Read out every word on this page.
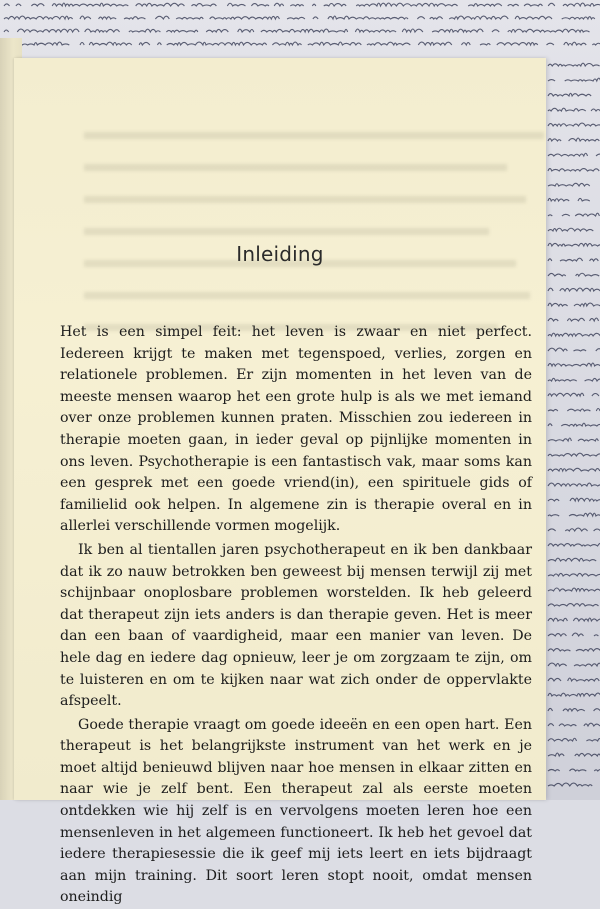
Inleiding

Het is een simpel feit: het leven is zwaar en niet perfect. Iedereen krijgt te maken met tegenspoed, verlies, zorgen en relationele problemen. Er zijn momenten in het leven van de meeste mensen waarop het een grote hulp is als we met iemand over onze problemen kunnen praten. Misschien zou iedereen in therapie moeten gaan, in ieder geval op pijnlijke momenten in ons leven. Psychotherapie is een fantastisch vak, maar soms kan een gesprek met een goede vriend(in), een spirituele gids of familielid ook helpen. In algemene zin is therapie overal en in allerlei verschillende vormen mogelijk.

Ik ben al tientallen jaren psychotherapeut en ik ben dankbaar dat ik zo nauw betrokken ben geweest bij mensen terwijl zij met schijnbaar onoplosbare problemen worstelden. Ik heb geleerd dat therapeut zijn iets anders is dan therapie geven. Het is meer dan een baan of vaardigheid, maar een manier van leven. De hele dag en iedere dag opnieuw, leer je om zorgzaam te zijn, om te luisteren en om te kijken naar wat zich onder de oppervlakte afspeelt.

Goede therapie vraagt om goede ideeën en een open hart. Een therapeut is het belangrijkste instrument van het werk en je moet altijd benieuwd blijven naar hoe mensen in elkaar zitten en naar wie je zelf bent. Een therapeut zal als eerste moeten ontdekken wie hij zelf is en vervolgens moeten leren hoe een mensenleven in het algemeen functioneert. Ik heb het gevoel dat iedere therapiesessie die ik geef mij iets leert en iets bijdraagt aan mijn training. Dit soort leren stopt nooit, omdat mensen oneindig
